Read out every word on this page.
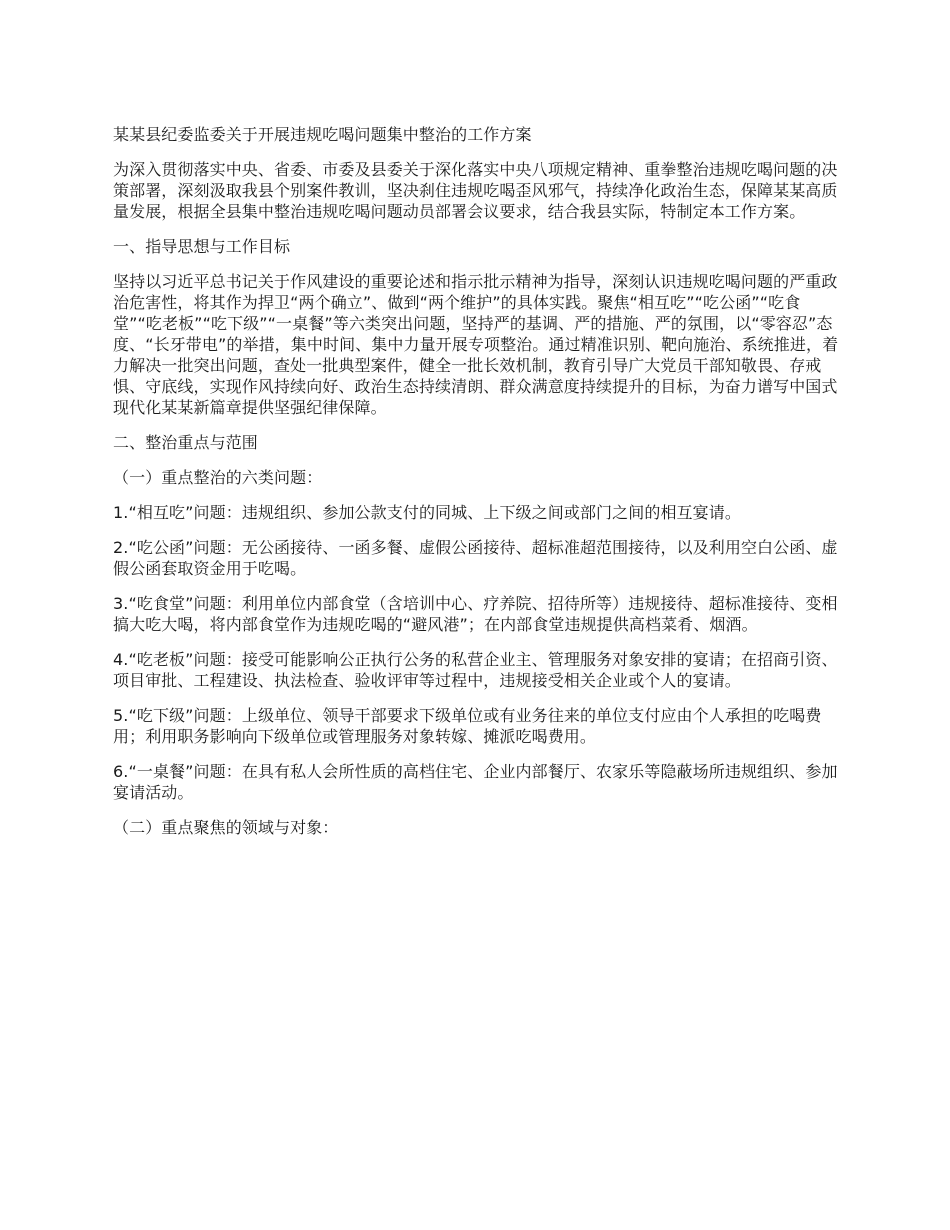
某某县纪委监委关于开展违规吃喝问题集中整治的工作方案

为深入贯彻落实中央、省委、市委及县委关于深化落实中央八项规定精神、重拳整治违规吃喝问题的决策部署，深刻汲取我县个别案件教训，坚决刹住违规吃喝歪风邪气，持续净化政治生态，保障某某高质量发展，根据全县集中整治违规吃喝问题动员部署会议要求，结合我县实际，特制定本工作方案。

一、指导思想与工作目标

坚持以习近平总书记关于作风建设的重要论述和指示批示精神为指导，深刻认识违规吃喝问题的严重政治危害性，将其作为捍卫“两个确立”、做到“两个维护”的具体实践。聚焦“相互吃”“吃公函”“吃食堂”“吃老板”“吃下级”“一桌餐”等六类突出问题，坚持严的基调、严的措施、严的氛围，以“零容忍”态度、“长牙带电”的举措，集中时间、集中力量开展专项整治。通过精准识别、靶向施治、系统推进，着力解决一批突出问题，查处一批典型案件，健全一批长效机制，教育引导广大党员干部知敬畏、存戒惧、守底线，实现作风持续向好、政治生态持续清朗、群众满意度持续提升的目标，为奋力谱写中国式现代化某某新篇章提供坚强纪律保障。

二、整治重点与范围

（一）重点整治的六类问题：

1.“相互吃”问题：违规组织、参加公款支付的同城、上下级之间或部门之间的相互宴请。

2.“吃公函”问题：无公函接待、一函多餐、虚假公函接待、超标准超范围接待，以及利用空白公函、虚假公函套取资金用于吃喝。

3.“吃食堂”问题：利用单位内部食堂（含培训中心、疗养院、招待所等）违规接待、超标准接待、变相搞大吃大喝，将内部食堂作为违规吃喝的“避风港”；在内部食堂违规提供高档菜肴、烟酒。

4.“吃老板”问题：接受可能影响公正执行公务的私营企业主、管理服务对象安排的宴请；在招商引资、项目审批、工程建设、执法检查、验收评审等过程中，违规接受相关企业或个人的宴请。

5.“吃下级”问题：上级单位、领导干部要求下级单位或有业务往来的单位支付应由个人承担的吃喝费用；利用职务影响向下级单位或管理服务对象转嫁、摊派吃喝费用。

6.“一桌餐”问题：在具有私人会所性质的高档住宅、企业内部餐厅、农家乐等隐蔽场所违规组织、参加宴请活动。

（二）重点聚焦的领域与对象：
